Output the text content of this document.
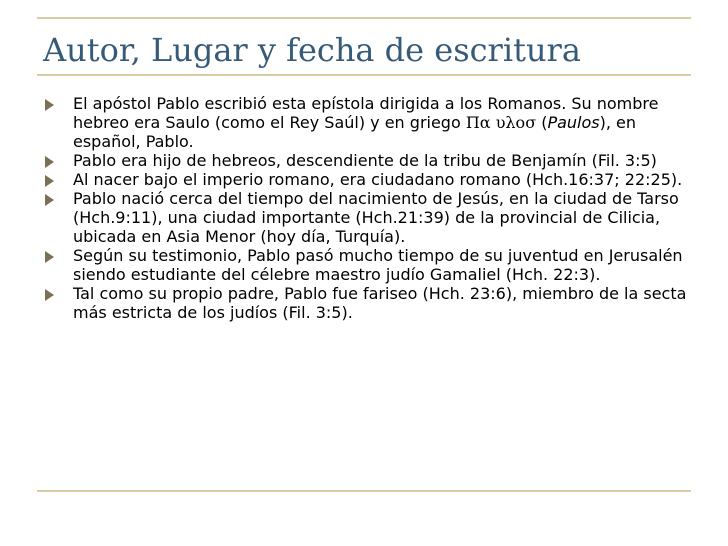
Autor, Lugar y fecha de escritura
El apóstol Pablo escribió esta epístola dirigida a los Romanos. Su nombre hebreo era Saulo (como el Rey Saúl) y en griego Πα υλοσ (Paulos), en español, Pablo.
Pablo era hijo de hebreos, descendiente de la tribu de Benjamín (Fil. 3:5)
Al nacer bajo el imperio romano, era ciudadano romano (Hch.16:37; 22:25).
Pablo nació cerca del tiempo del nacimiento de Jesús, en la ciudad de Tarso (Hch.9:11), una ciudad importante (Hch.21:39) de la provincial de Cilicia, ubicada en Asia Menor (hoy día, Turquía).
Según su testimonio, Pablo pasó mucho tiempo de su juventud en Jerusalén siendo estudiante del célebre maestro judío Gamaliel (Hch. 22:3).
Tal como su propio padre, Pablo fue fariseo (Hch. 23:6), miembro de la secta más estricta de los judíos (Fil. 3:5).
